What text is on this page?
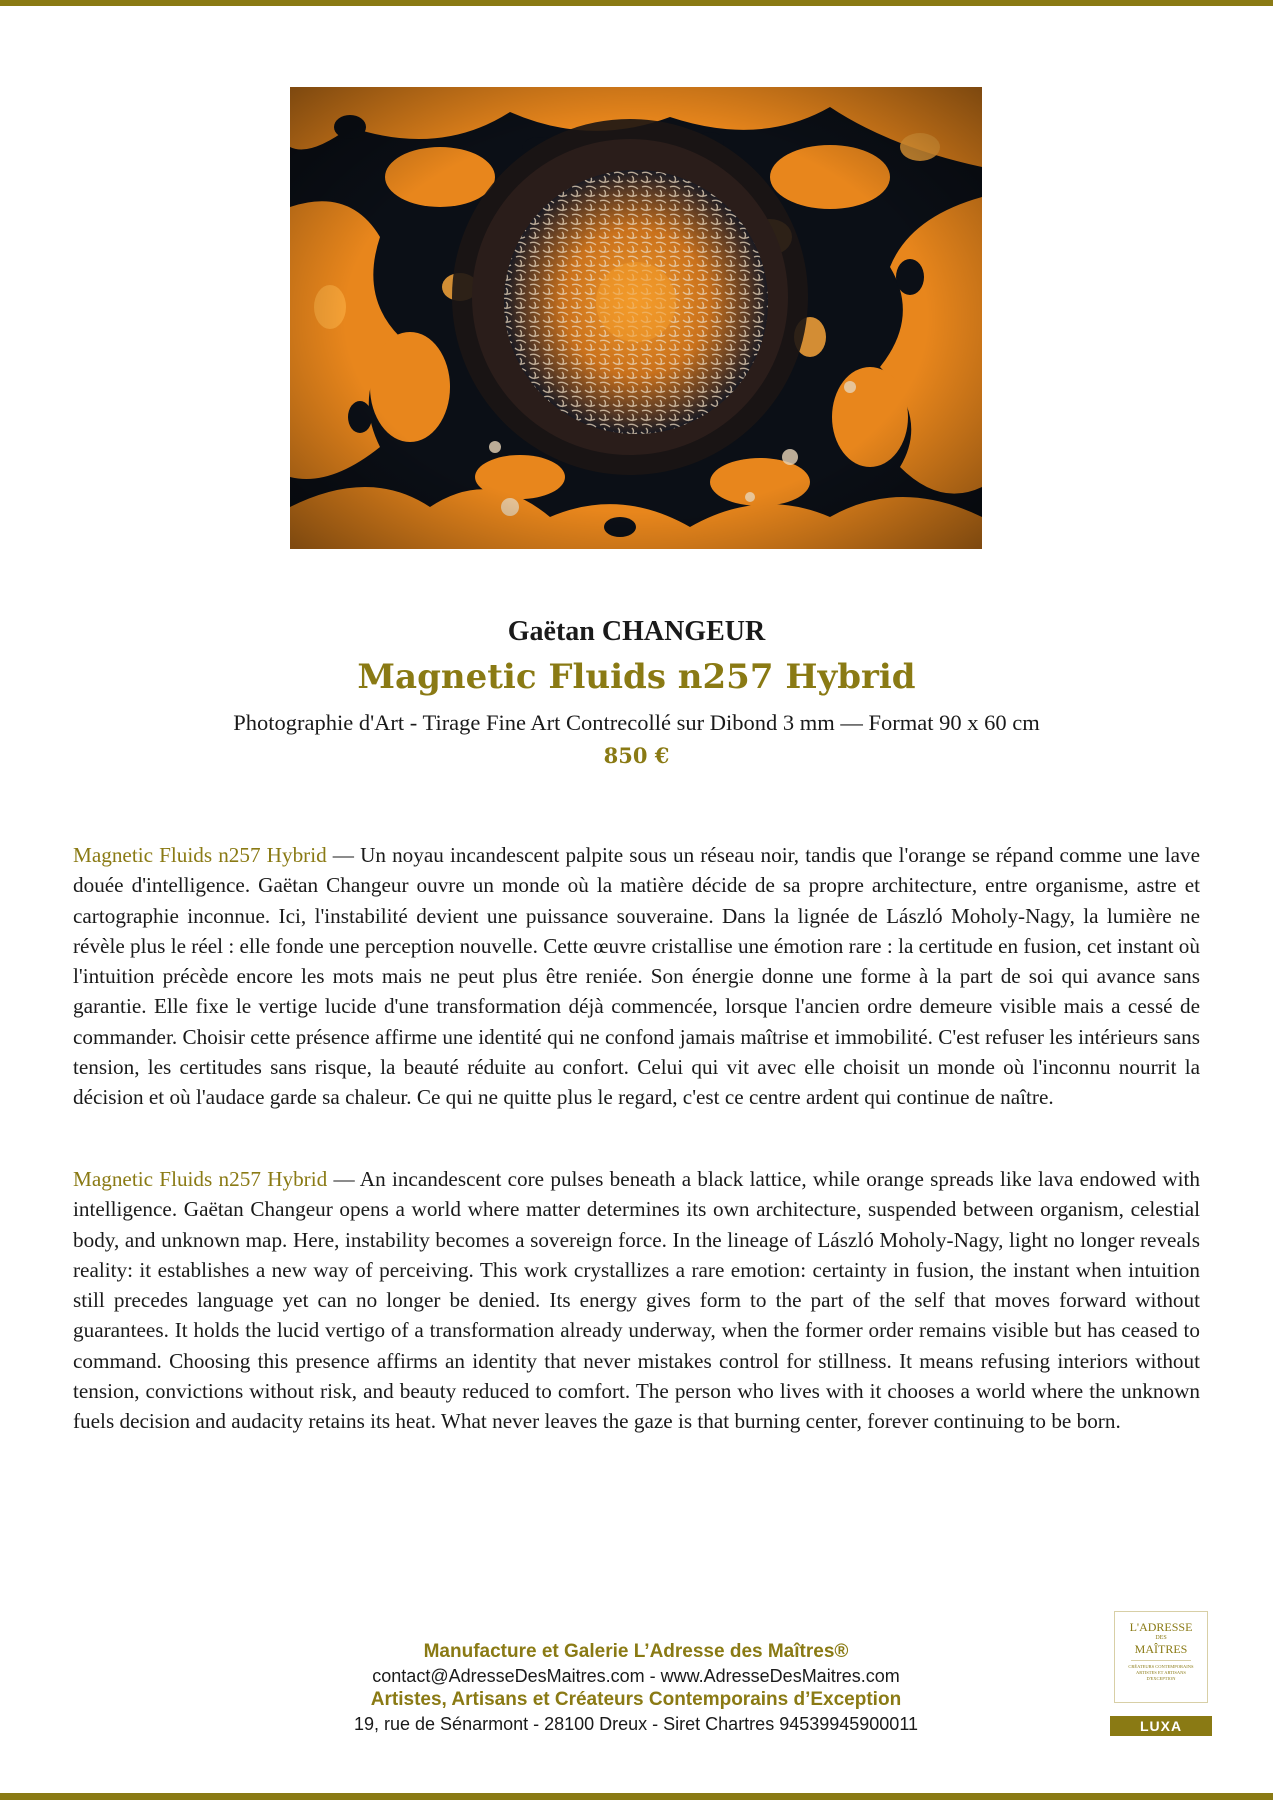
Gaëtan CHANGEUR
Magnetic Fluids n257 Hybrid
Photographie d'Art - Tirage Fine Art Contrecollé sur Dibond 3 mm — Format 90 x 60 cm
850 €

Magnetic Fluids n257 Hybrid — Un noyau incandescent palpite sous un réseau noir, tandis que l'orange se répand comme une lave douée d'intelligence. Gaëtan Changeur ouvre un monde où la matière décide de sa propre architecture, entre organisme, astre et cartographie inconnue. Ici, l'instabilité devient une puissance souveraine. Dans la lignée de László Moholy-Nagy, la lumière ne révèle plus le réel : elle fonde une perception nouvelle. Cette œuvre cristallise une émotion rare : la certitude en fusion, cet instant où l'intuition précède encore les mots mais ne peut plus être reniée. Son énergie donne une forme à la part de soi qui avance sans garantie. Elle fixe le vertige lucide d'une transformation déjà commencée, lorsque l'ancien ordre demeure visible mais a cessé de commander. Choisir cette présence affirme une identité qui ne confond jamais maîtrise et immobilité. C'est refuser les intérieurs sans tension, les certitudes sans risque, la beauté réduite au confort. Celui qui vit avec elle choisit un monde où l'inconnu nourrit la décision et où l'audace garde sa chaleur. Ce qui ne quitte plus le regard, c'est ce centre ardent qui continue de naître.

Magnetic Fluids n257 Hybrid — An incandescent core pulses beneath a black lattice, while orange spreads like lava endowed with intelligence. Gaëtan Changeur opens a world where matter determines its own architecture, suspended between organism, celestial body, and unknown map. Here, instability becomes a sovereign force. In the lineage of László Moholy-Nagy, light no longer reveals reality: it establishes a new way of perceiving. This work crystallizes a rare emotion: certainty in fusion, the instant when intuition still precedes language yet can no longer be denied. Its energy gives form to the part of the self that moves forward without guarantees. It holds the lucid vertigo of a transformation already underway, when the former order remains visible but has ceased to command. Choosing this presence affirms an identity that never mistakes control for stillness. It means refusing interiors without tension, convictions without risk, and beauty reduced to comfort. The person who lives with it chooses a world where the unknown fuels decision and audacity retains its heat. What never leaves the gaze is that burning center, forever continuing to be born.

Manufacture et Galerie L’Adresse des Maîtres®
contact@AdresseDesMaitres.com - www.AdresseDesMaitres.com
Artistes, Artisans et Créateurs Contemporains d’Exception
19, rue de Sénarmont - 28100 Dreux - Siret Chartres 94539945900011
L'ADRESSE
DES
MAÎTRES
CRÉATEURS CONTEMPORAINS ARTISTES ET ARTISANS D'EXCEPTION
LUXA
